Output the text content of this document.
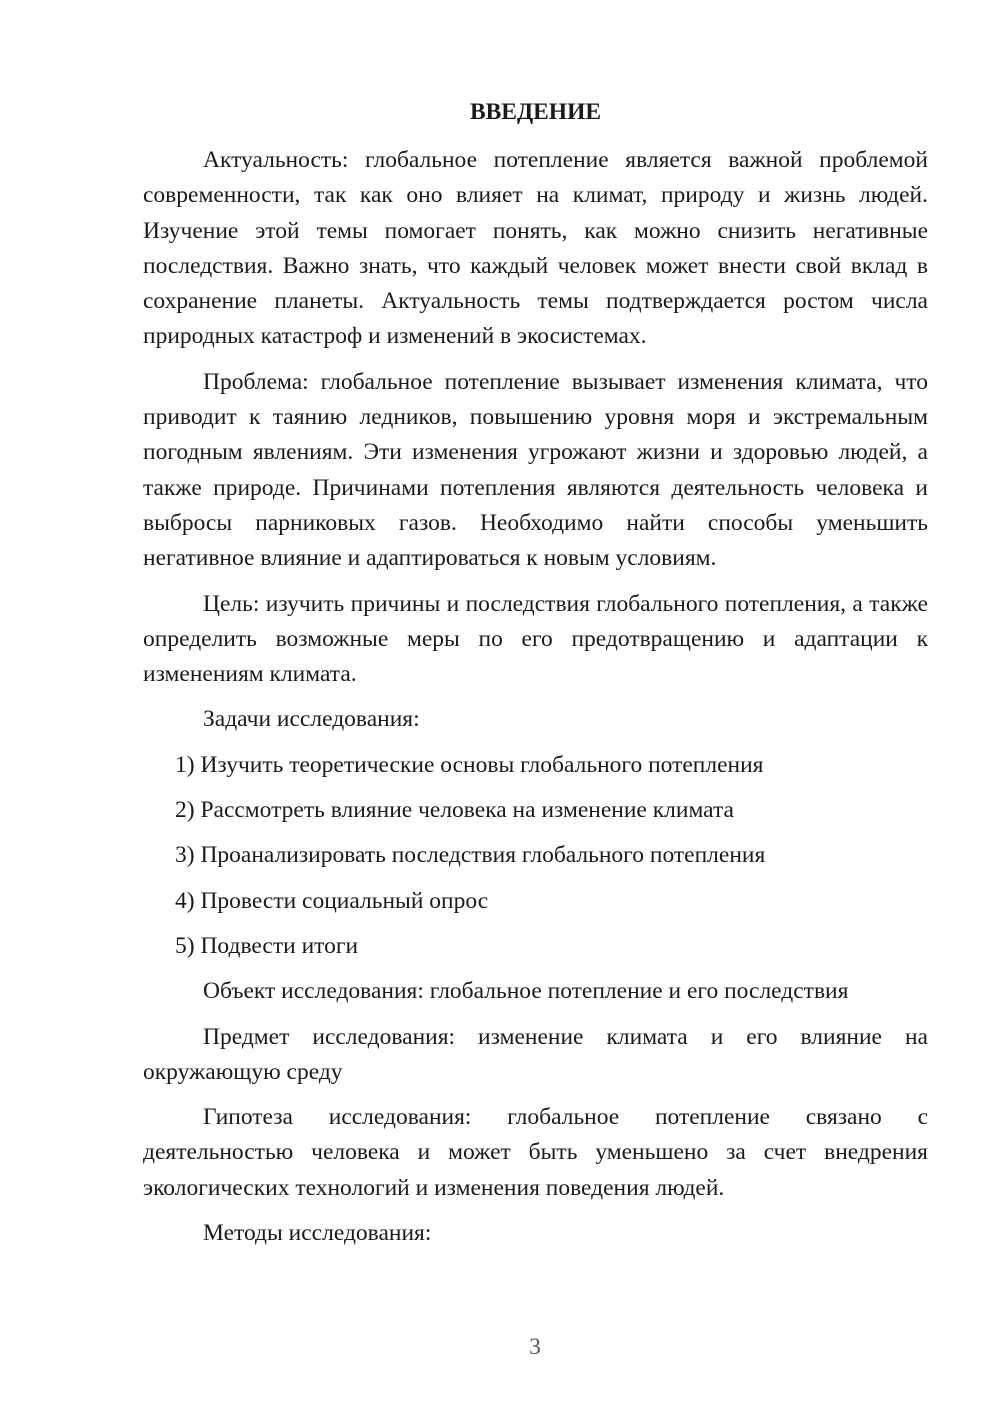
ВВЕДЕНИЕ

Актуальность: глобальное потепление является важной проблемой современности, так как оно влияет на климат, природу и жизнь людей. Изучение этой темы помогает понять, как можно снизить негативные последствия. Важно знать, что каждый человек может внести свой вклад в сохранение планеты. Актуальность темы подтверждается ростом числа природных катастроф и изменений в экосистемах.

Проблема: глобальное потепление вызывает изменения климата, что приводит к таянию ледников, повышению уровня моря и экстремальным погодным явлениям. Эти изменения угрожают жизни и здоровью людей, а также природе. Причинами потепления являются деятельность человека и выбросы парниковых газов. Необходимо найти способы уменьшить негативное влияние и адаптироваться к новым условиям.

Цель: изучить причины и последствия глобального потепления, а также определить возможные меры по его предотвращению и адаптации к изменениям климата.

Задачи исследования:

1) Изучить теоретические основы глобального потепления
2) Рассмотреть влияние человека на изменение климата
3) Проанализировать последствия глобального потепления
4) Провести социальный опрос
5) Подвести итоги

Объект исследования: глобальное потепление и его последствия

Предмет исследования: изменение климата и его влияние на окружающую среду

Гипотеза исследования: глобальное потепление связано с деятельностью человека и может быть уменьшено за счет внедрения экологических технологий и изменения поведения людей.

Методы исследования:

3
